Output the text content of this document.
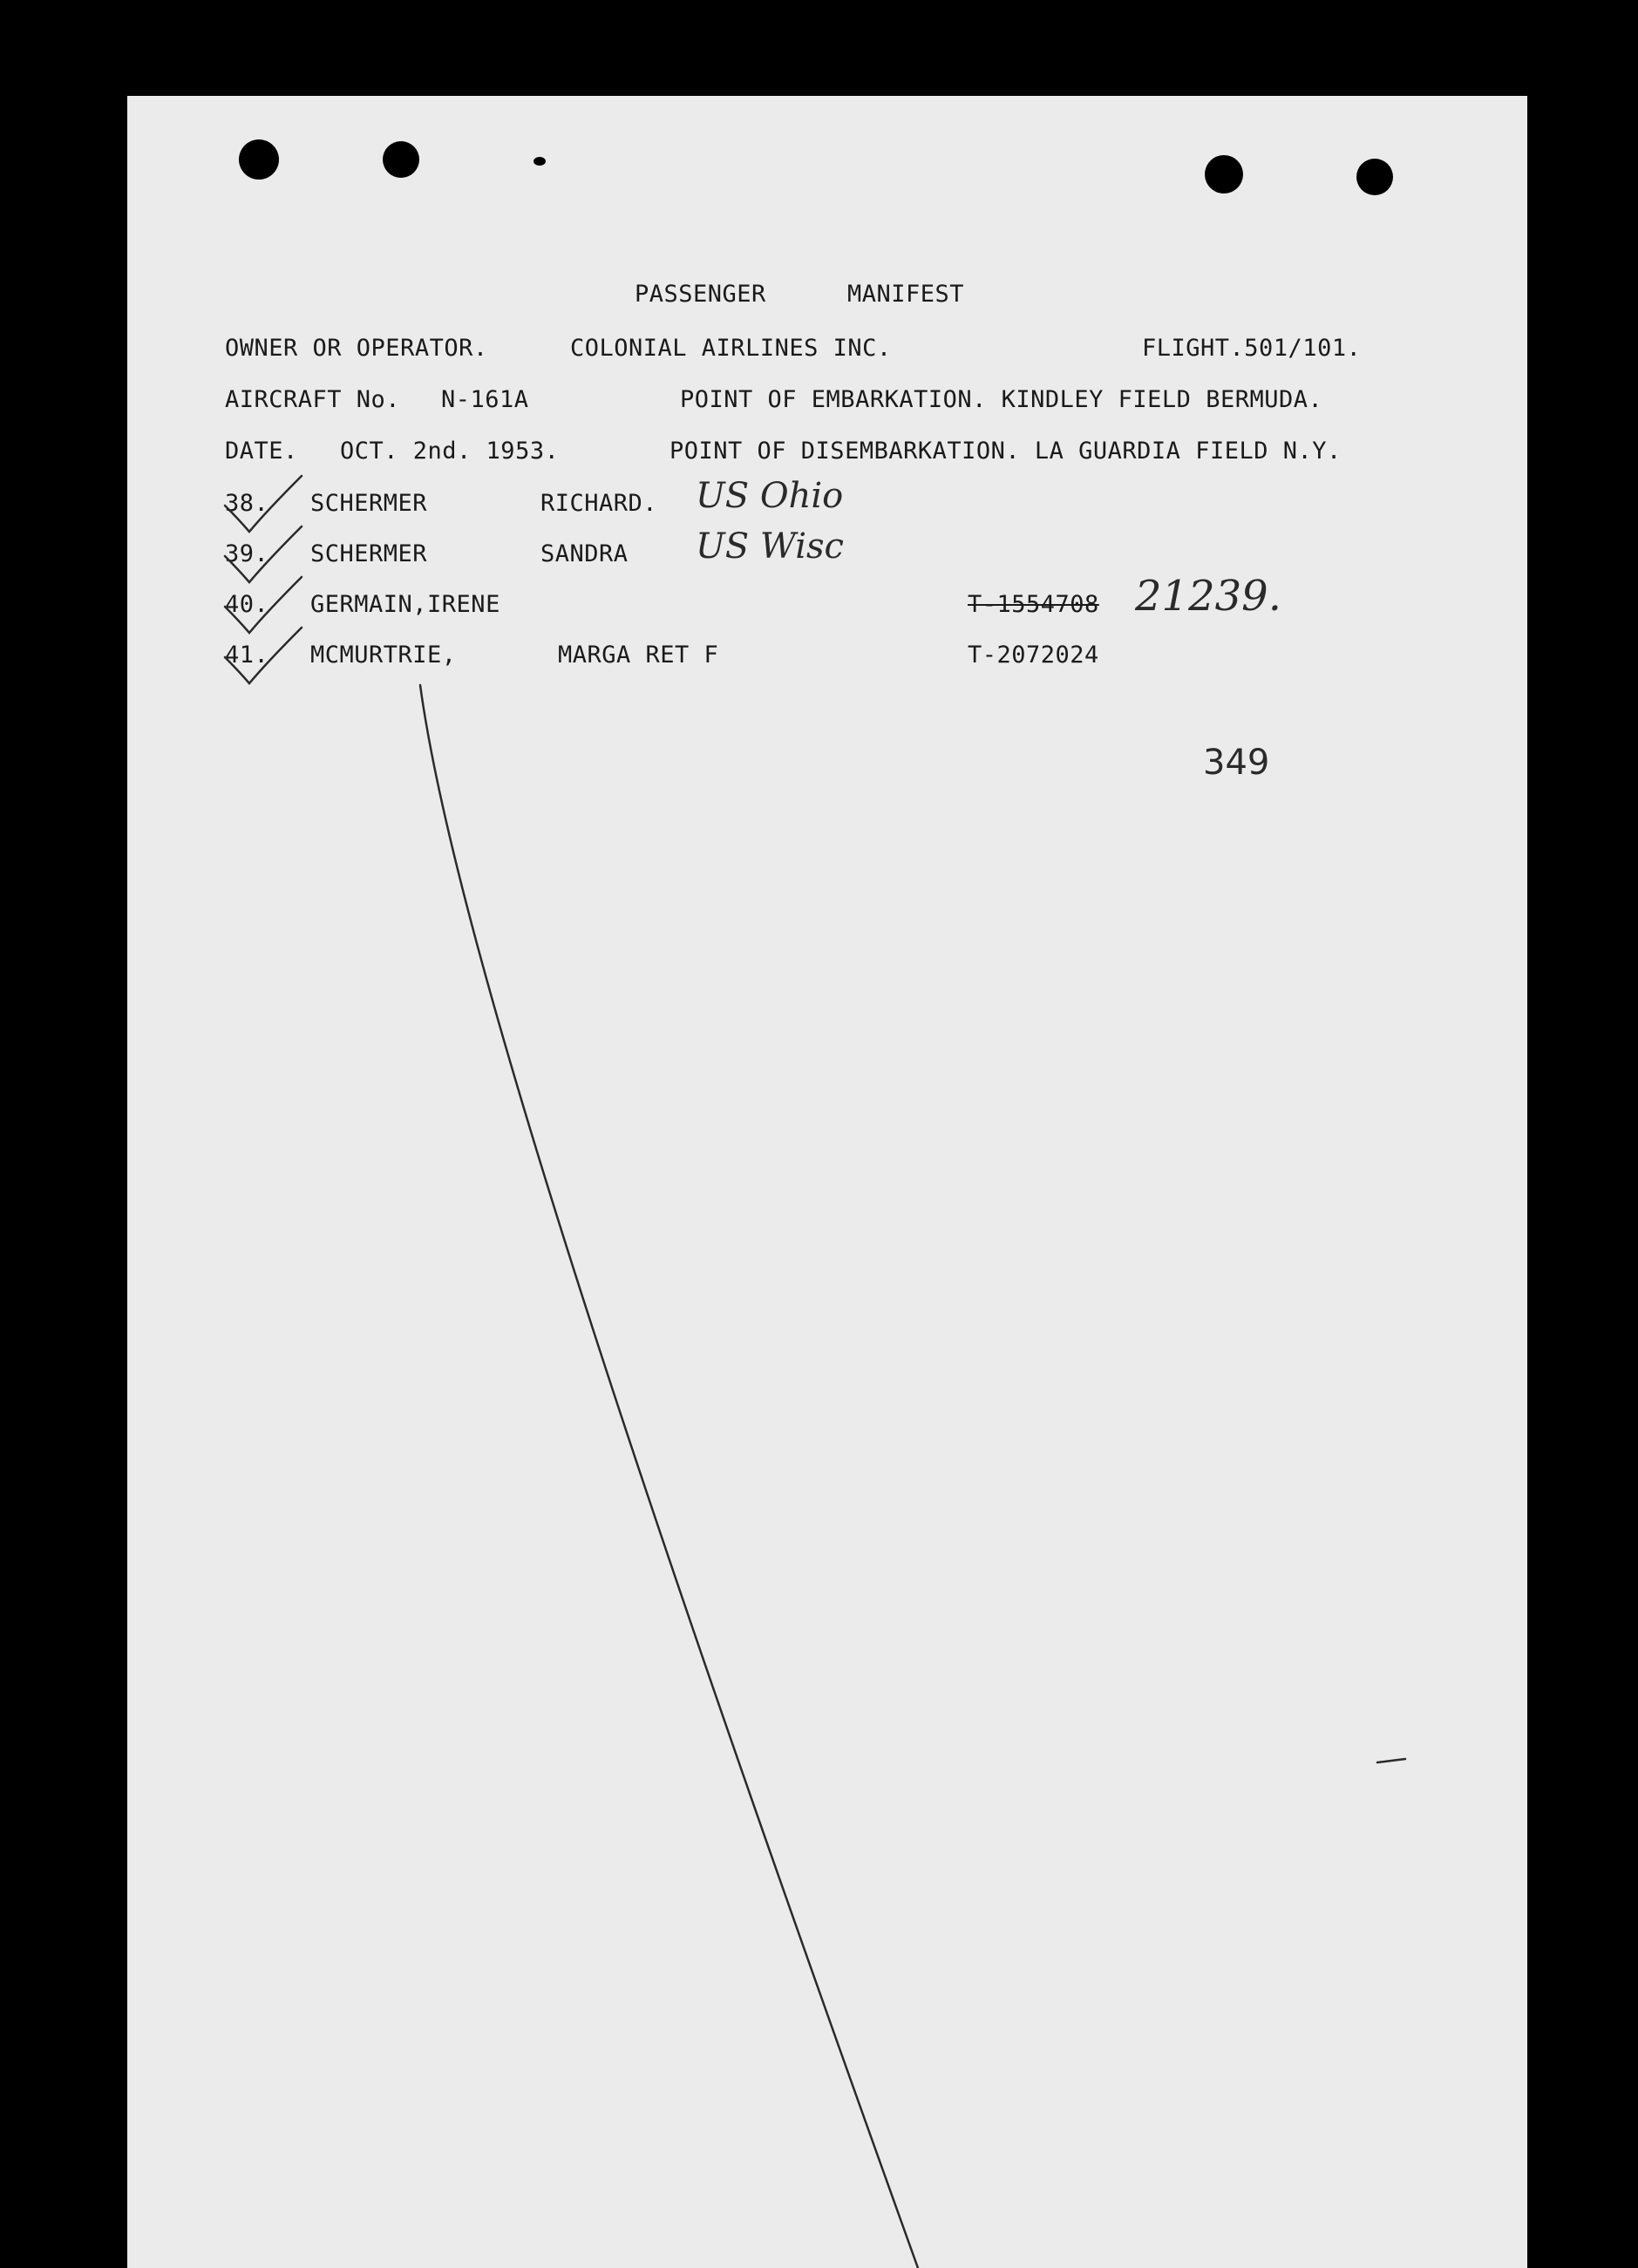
PASSENGER	MANIFEST
OWNER OR OPERATOR.	COLONIAL AIRLINES INC.	FLIGHT.501/101.
AIRCRAFT No. N-161A	POINT OF EMBARKATION. KINDLEY FIELD BERMUDA.
DATE. OCT. 2nd. 1953.	POINT OF DISEMBARKATION. LA GUARDIA FIELD N.Y.
38. SCHERMER	RICHARD. US Ohio
39. SCHERMER	SANDRA US Wisc
40. GERMAIN,IRENE	T-1554708 21239.
41. MCMURTRIE,	MARGA RET F	T-2072024
349
